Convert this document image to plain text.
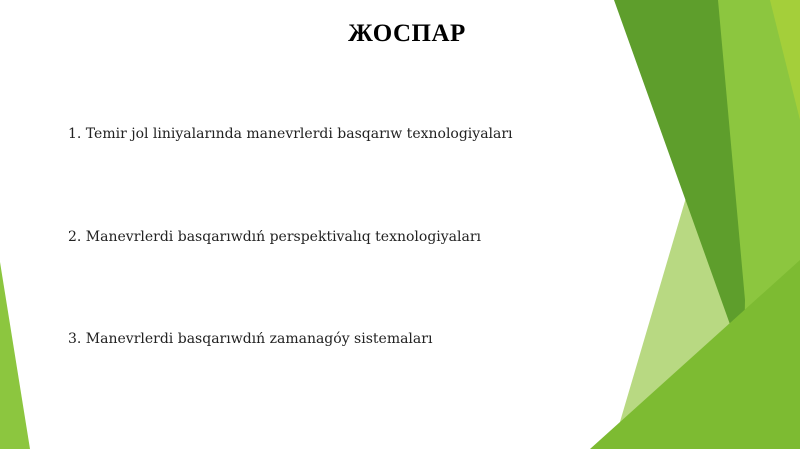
ЖОСПАР
1. Temir jol liniyalarında manevrlerdi basqarıw texnologiyaları
2. Manevrlerdi basqarıwdıń perspektivalıq texnologiyaları
3. Manevrlerdi basqarıwdıń zamanagóy sistemaları
